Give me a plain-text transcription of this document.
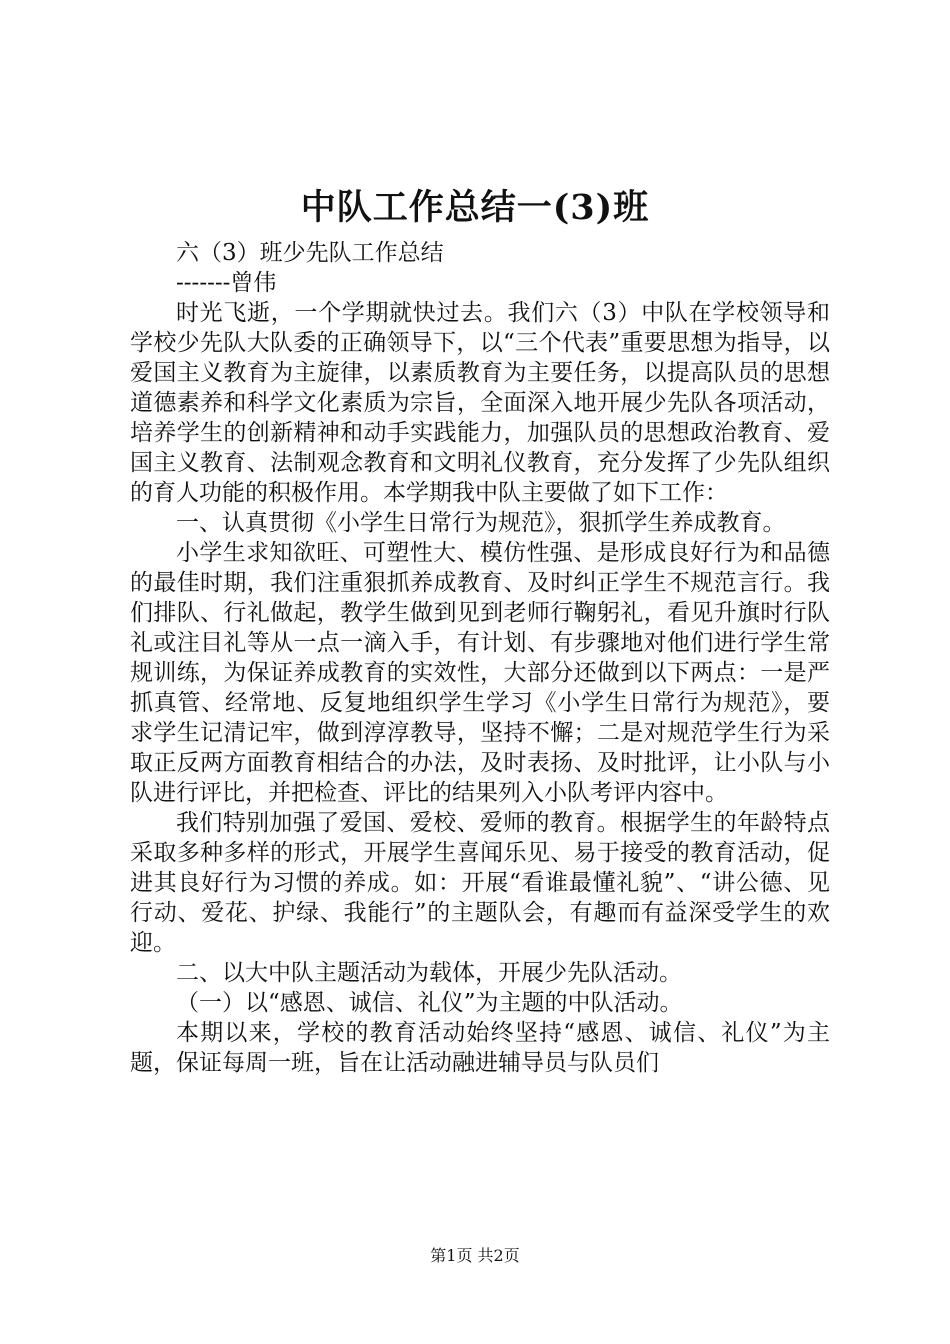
中队工作总结一(3)班

六（3）班少先队工作总结

-------曾伟

时光飞逝，一个学期就快过去。我们六（3）中队在学校领导和学校少先队大队委的正确领导下，以“三个代表”重要思想为指导，以爱国主义教育为主旋律，以素质教育为主要任务，以提高队员的思想道德素养和科学文化素质为宗旨，全面深入地开展少先队各项活动，培养学生的创新精神和动手实践能力，加强队员的思想政治教育、爱国主义教育、法制观念教育和文明礼仪教育，充分发挥了少先队组织的育人功能的积极作用。本学期我中队主要做了如下工作：

一、认真贯彻《小学生日常行为规范》，狠抓学生养成教育。

小学生求知欲旺、可塑性大、模仿性强、是形成良好行为和品德的最佳时期，我们注重狠抓养成教育、及时纠正学生不规范言行。我们排队、行礼做起，教学生做到见到老师行鞠躬礼，看见升旗时行队礼或注目礼等从一点一滴入手，有计划、有步骤地对他们进行学生常规训练，为保证养成教育的实效性，大部分还做到以下两点：一是严抓真管、经常地、反复地组织学生学习《小学生日常行为规范》，要求学生记清记牢，做到淳淳教导，坚持不懈；二是对规范学生行为采取正反两方面教育相结合的办法，及时表扬、及时批评，让小队与小队进行评比，并把检查、评比的结果列入小队考评内容中。

我们特别加强了爱国、爱校、爱师的教育。根据学生的年龄特点采取多种多样的形式，开展学生喜闻乐见、易于接受的教育活动，促进其良好行为习惯的养成。如：开展“看谁最懂礼貌”、“讲公德、见行动、爱花、护绿、我能行”的主题队会，有趣而有益深受学生的欢迎。

二、以大中队主题活动为载体，开展少先队活动。

（一）以“感恩、诚信、礼仪”为主题的中队活动。

本期以来，学校的教育活动始终坚持“感恩、诚信、礼仪”为主题，保证每周一班，旨在让活动融进辅导员与队员们

第1页 共2页
